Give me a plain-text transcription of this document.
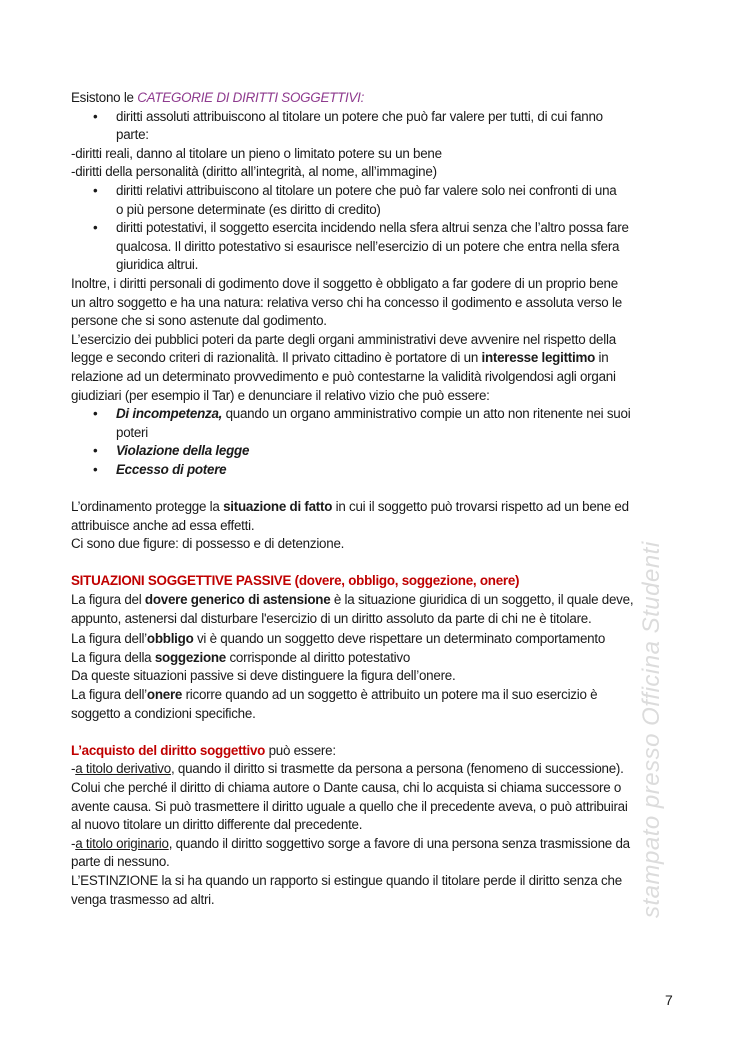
Esistono le CATEGORIE DI DIRITTI SOGGETTIVI:
• diritti assoluti attribuiscono al titolare un potere che può far valere per tutti, di cui fanno
parte:
-diritti reali, danno al titolare un pieno o limitato potere su un bene
-diritti della personalità (diritto all’integrità, al nome, all’immagine)
• diritti relativi attribuiscono al titolare un potere che può far valere solo nei confronti di una
o più persone determinate (es diritto di credito)
• diritti potestativi, il soggetto esercita incidendo nella sfera altrui senza che l’altro possa fare
qualcosa. Il diritto potestativo si esaurisce nell’esercizio di un potere che entra nella sfera
giuridica altrui.
Inoltre, i diritti personali di godimento dove il soggetto è obbligato a far godere di un proprio bene
un altro soggetto e ha una natura: relativa verso chi ha concesso il godimento e assoluta verso le
persone che si sono astenute dal godimento.
L’esercizio dei pubblici poteri da parte degli organi amministrativi deve avvenire nel rispetto della
legge e secondo criteri di razionalità. Il privato cittadino è portatore di un interesse legittimo in
relazione ad un determinato provvedimento e può contestarne la validità rivolgendosi agli organi
giudiziari (per esempio il Tar) e denunciare il relativo vizio che può essere:
• Di incompetenza, quando un organo amministrativo compie un atto non ritenente nei suoi
poteri
• Violazione della legge
• Eccesso di potere
L’ordinamento protegge la situazione di fatto in cui il soggetto può trovarsi rispetto ad un bene ed
attribuisce anche ad essa effetti.
Ci sono due figure: di possesso e di detenzione.
SITUAZIONI SOGGETTIVE PASSIVE (dovere, obbligo, soggezione, onere)
La figura del dovere generico di astensione è la situazione giuridica di un soggetto, il quale deve,
appunto, astenersi dal disturbare l'esercizio di un diritto assoluto da parte di chi ne è titolare.
La figura dell’obbligo vi è quando un soggetto deve rispettare un determinato comportamento
La figura della soggezione corrisponde al diritto potestativo
Da queste situazioni passive si deve distinguere la figura dell’onere.
La figura dell’onere ricorre quando ad un soggetto è attribuito un potere ma il suo esercizio è
soggetto a condizioni specifiche.
L’acquisto del diritto soggettivo può essere:
-a titolo derivativo, quando il diritto si trasmette da persona a persona (fenomeno di successione).
Colui che perché il diritto di chiama autore o Dante causa, chi lo acquista si chiama successore o
avente causa. Si può trasmettere il diritto uguale a quello che il precedente aveva, o può attribuirai
al nuovo titolare un diritto differente dal precedente.
-a titolo originario, quando il diritto soggettivo sorge a favore di una persona senza trasmissione da
parte di nessuno.
L’ESTINZIONE la si ha quando un rapporto si estingue quando il titolare perde il diritto senza che
venga trasmesso ad altri.	stampato presso Officina Studenti
7
